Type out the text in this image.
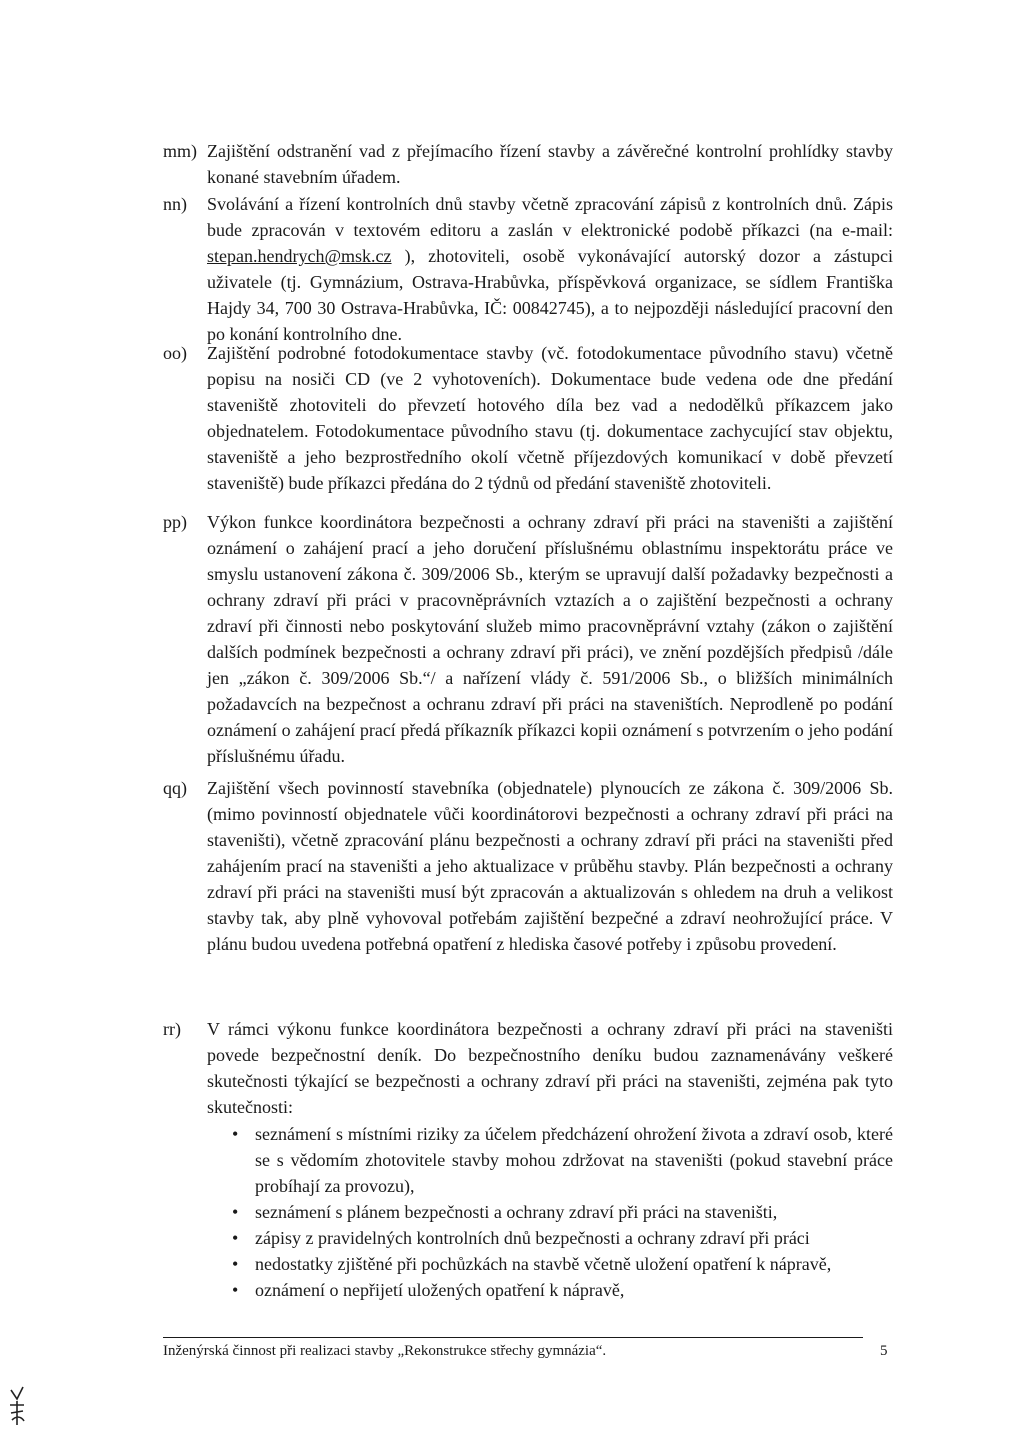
mm) Zajištění odstranění vad z přejímacího řízení stavby a závěrečné kontrolní prohlídky stavby konané stavebním úřadem.
nn) Svolávání a řízení kontrolních dnů stavby včetně zpracování zápisů z kontrolních dnů. Zápis bude zpracován v textovém editoru a zaslán v elektronické podobě příkazci (na e-mail: stepan.hendrych@msk.cz ), zhotoviteli, osobě vykonávající autorský dozor a zástupci uživatele (tj. Gymnázium, Ostrava-Hrabůvka, příspěvková organizace, se sídlem Františka Hajdy 34, 700 30 Ostrava-Hrabůvka, IČ: 00842745), a to nejpozději následující pracovní den po konání kontrolního dne.
oo) Zajištění podrobné fotodokumentace stavby (vč. fotodokumentace původního stavu) včetně popisu na nosiči CD (ve 2 vyhotoveních). Dokumentace bude vedena ode dne předání staveniště zhotoviteli do převzetí hotového díla bez vad a nedodělků příkazcem jako objednatelem. Fotodokumentace původního stavu (tj. dokumentace zachycující stav objektu, staveniště a jeho bezprostředního okolí včetně příjezdových komunikací v době převzetí staveniště) bude příkazci předána do 2 týdnů od předání staveniště zhotoviteli.
pp) Výkon funkce koordinátora bezpečnosti a ochrany zdraví při práci na staveništi a zajištění oznámení o zahájení prací a jeho doručení příslušnému oblastnímu inspektorátu práce ve smyslu ustanovení zákona č. 309/2006 Sb., kterým se upravují další požadavky bezpečnosti a ochrany zdraví při práci v pracovněprávních vztazích a o zajištění bezpečnosti a ochrany zdraví při činnosti nebo poskytování služeb mimo pracovněprávní vztahy (zákon o zajištění dalších podmínek bezpečnosti a ochrany zdraví při práci), ve znění pozdějších předpisů /dále jen „zákon č. 309/2006 Sb.“/ a nařízení vlády č. 591/2006 Sb., o bližších minimálních požadavcích na bezpečnost a ochranu zdraví při práci na staveništích. Neprodleně po podání oznámení o zahájení prací předá příkazník příkazci kopii oznámení s potvrzením o jeho podání příslušnému úřadu.
qq) Zajištění všech povinností stavebníka (objednatele) plynoucích ze zákona č. 309/2006 Sb. (mimo povinností objednatele vůči koordinátorovi bezpečnosti a ochrany zdraví při práci na staveništi), včetně zpracování plánu bezpečnosti a ochrany zdraví při práci na staveništi před zahájením prací na staveništi a jeho aktualizace v průběhu stavby. Plán bezpečnosti a ochrany zdraví při práci na staveništi musí být zpracován a aktualizován s ohledem na druh a velikost stavby tak, aby plně vyhovoval potřebám zajištění bezpečné a zdraví neohrožující práce. V plánu budou uvedena potřebná opatření z hlediska časové potřeby i způsobu provedení.
rr) V rámci výkonu funkce koordinátora bezpečnosti a ochrany zdraví při práci na staveništi povede bezpečnostní deník. Do bezpečnostního deníku budou zaznamenávány veškeré skutečnosti týkající se bezpečnosti a ochrany zdraví při práci na staveništi, zejména pak tyto skutečnosti:
• seznámení s místními riziky za účelem předcházení ohrožení života a zdraví osob, které se s vědomím zhotovitele stavby mohou zdržovat na staveništi (pokud stavební práce probíhají za provozu),
• seznámení s plánem bezpečnosti a ochrany zdraví při práci na staveništi,
• zápisy z pravidelných kontrolních dnů bezpečnosti a ochrany zdraví při práci
• nedostatky zjištěné při pochůzkách na stavbě včetně uložení opatření k nápravě,
• oznámení o nepřijetí uložených opatření k nápravě,
Inženýrská činnost při realizaci stavby „Rekonstrukce střechy gymnázia“.	5
